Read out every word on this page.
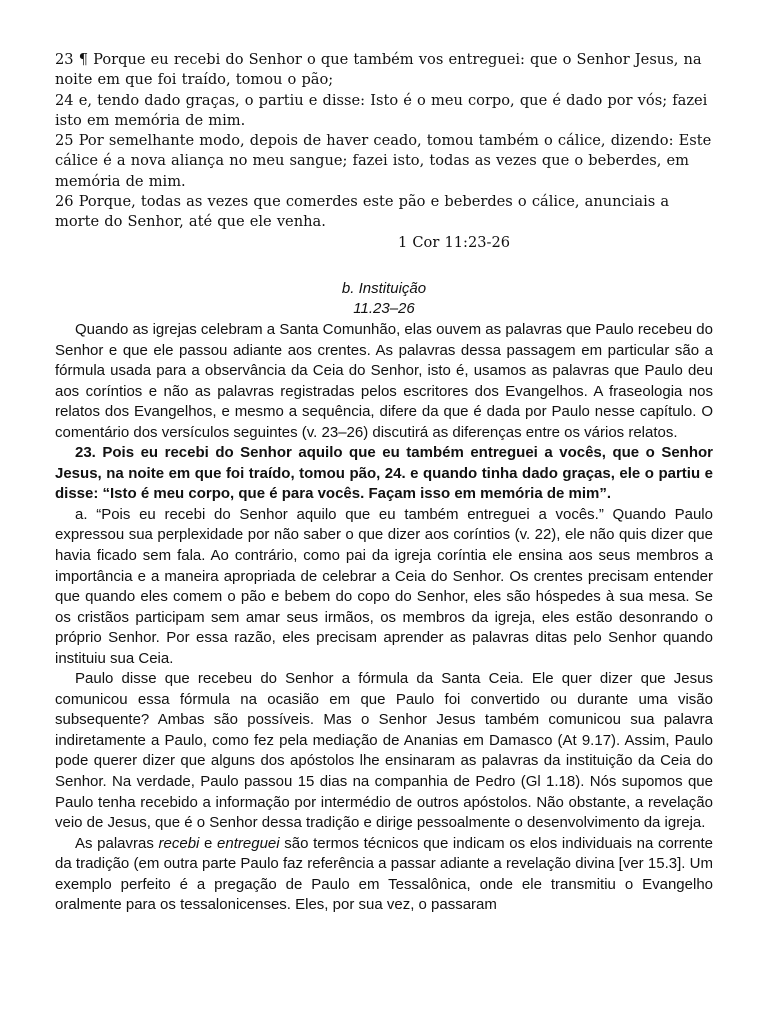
23 ¶ Porque eu recebi do Senhor o que também vos entreguei: que o Senhor Jesus, na noite em que foi traído, tomou o pão;

24 e, tendo dado graças, o partiu e disse: Isto é o meu corpo, que é dado por vós; fazei isto em memória de mim.

25 Por semelhante modo, depois de haver ceado, tomou também o cálice, dizendo: Este cálice é a nova aliança no meu sangue; fazei isto, todas as vezes que o beberdes, em memória de mim.

26 Porque, todas as vezes que comerdes este pão e beberdes o cálice, anunciais a morte do Senhor, até que ele venha.

1 Cor 11:23-26

b. Instituição

11.23–26

Quando as igrejas celebram a Santa Comunhão, elas ouvem as palavras que Paulo recebeu do Senhor e que ele passou adiante aos crentes. As palavras dessa passagem em particular são a fórmula usada para a observância da Ceia do Senhor, isto é, usamos as palavras que Paulo deu aos coríntios e não as palavras registradas pelos escritores dos Evangelhos. A fraseologia nos relatos dos Evangelhos, e mesmo a sequência, difere da que é dada por Paulo nesse capítulo. O comentário dos versículos seguintes (v. 23–26) discutirá as diferenças entre os vários relatos.

23. Pois eu recebi do Senhor aquilo que eu também entreguei a vocês, que o Senhor Jesus, na noite em que foi traído, tomou pão, 24. e quando tinha dado graças, ele o partiu e disse: “Isto é meu corpo, que é para vocês. Façam isso em memória de mim”.

a. “Pois eu recebi do Senhor aquilo que eu também entreguei a vocês.” Quando Paulo expressou sua perplexidade por não saber o que dizer aos coríntios (v. 22), ele não quis dizer que havia ficado sem fala. Ao contrário, como pai da igreja coríntia ele ensina aos seus membros a importância e a maneira apropriada de celebrar a Ceia do Senhor. Os crentes precisam entender que quando eles comem o pão e bebem do copo do Senhor, eles são hóspedes à sua mesa. Se os cristãos participam sem amar seus irmãos, os membros da igreja, eles estão desonrando o próprio Senhor. Por essa razão, eles precisam aprender as palavras ditas pelo Senhor quando instituiu sua Ceia.

Paulo disse que recebeu do Senhor a fórmula da Santa Ceia. Ele quer dizer que Jesus comunicou essa fórmula na ocasião em que Paulo foi convertido ou durante uma visão subsequente? Ambas são possíveis. Mas o Senhor Jesus também comunicou sua palavra indiretamente a Paulo, como fez pela mediação de Ananias em Damasco (At 9.17). Assim, Paulo pode querer dizer que alguns dos apóstolos lhe ensinaram as palavras da instituição da Ceia do Senhor. Na verdade, Paulo passou 15 dias na companhia de Pedro (Gl 1.18). Nós supomos que Paulo tenha recebido a informação por intermédio de outros apóstolos. Não obstante, a revelação veio de Jesus, que é o Senhor dessa tradição e dirige pessoalmente o desenvolvimento da igreja.

As palavras recebi e entreguei são termos técnicos que indicam os elos individuais na corrente da tradição (em outra parte Paulo faz referência a passar adiante a revelação divina [ver 15.3]. Um exemplo perfeito é a pregação de Paulo em Tessalônica, onde ele transmitiu o Evangelho oralmente para os tessalonicenses. Eles, por sua vez, o passaram
